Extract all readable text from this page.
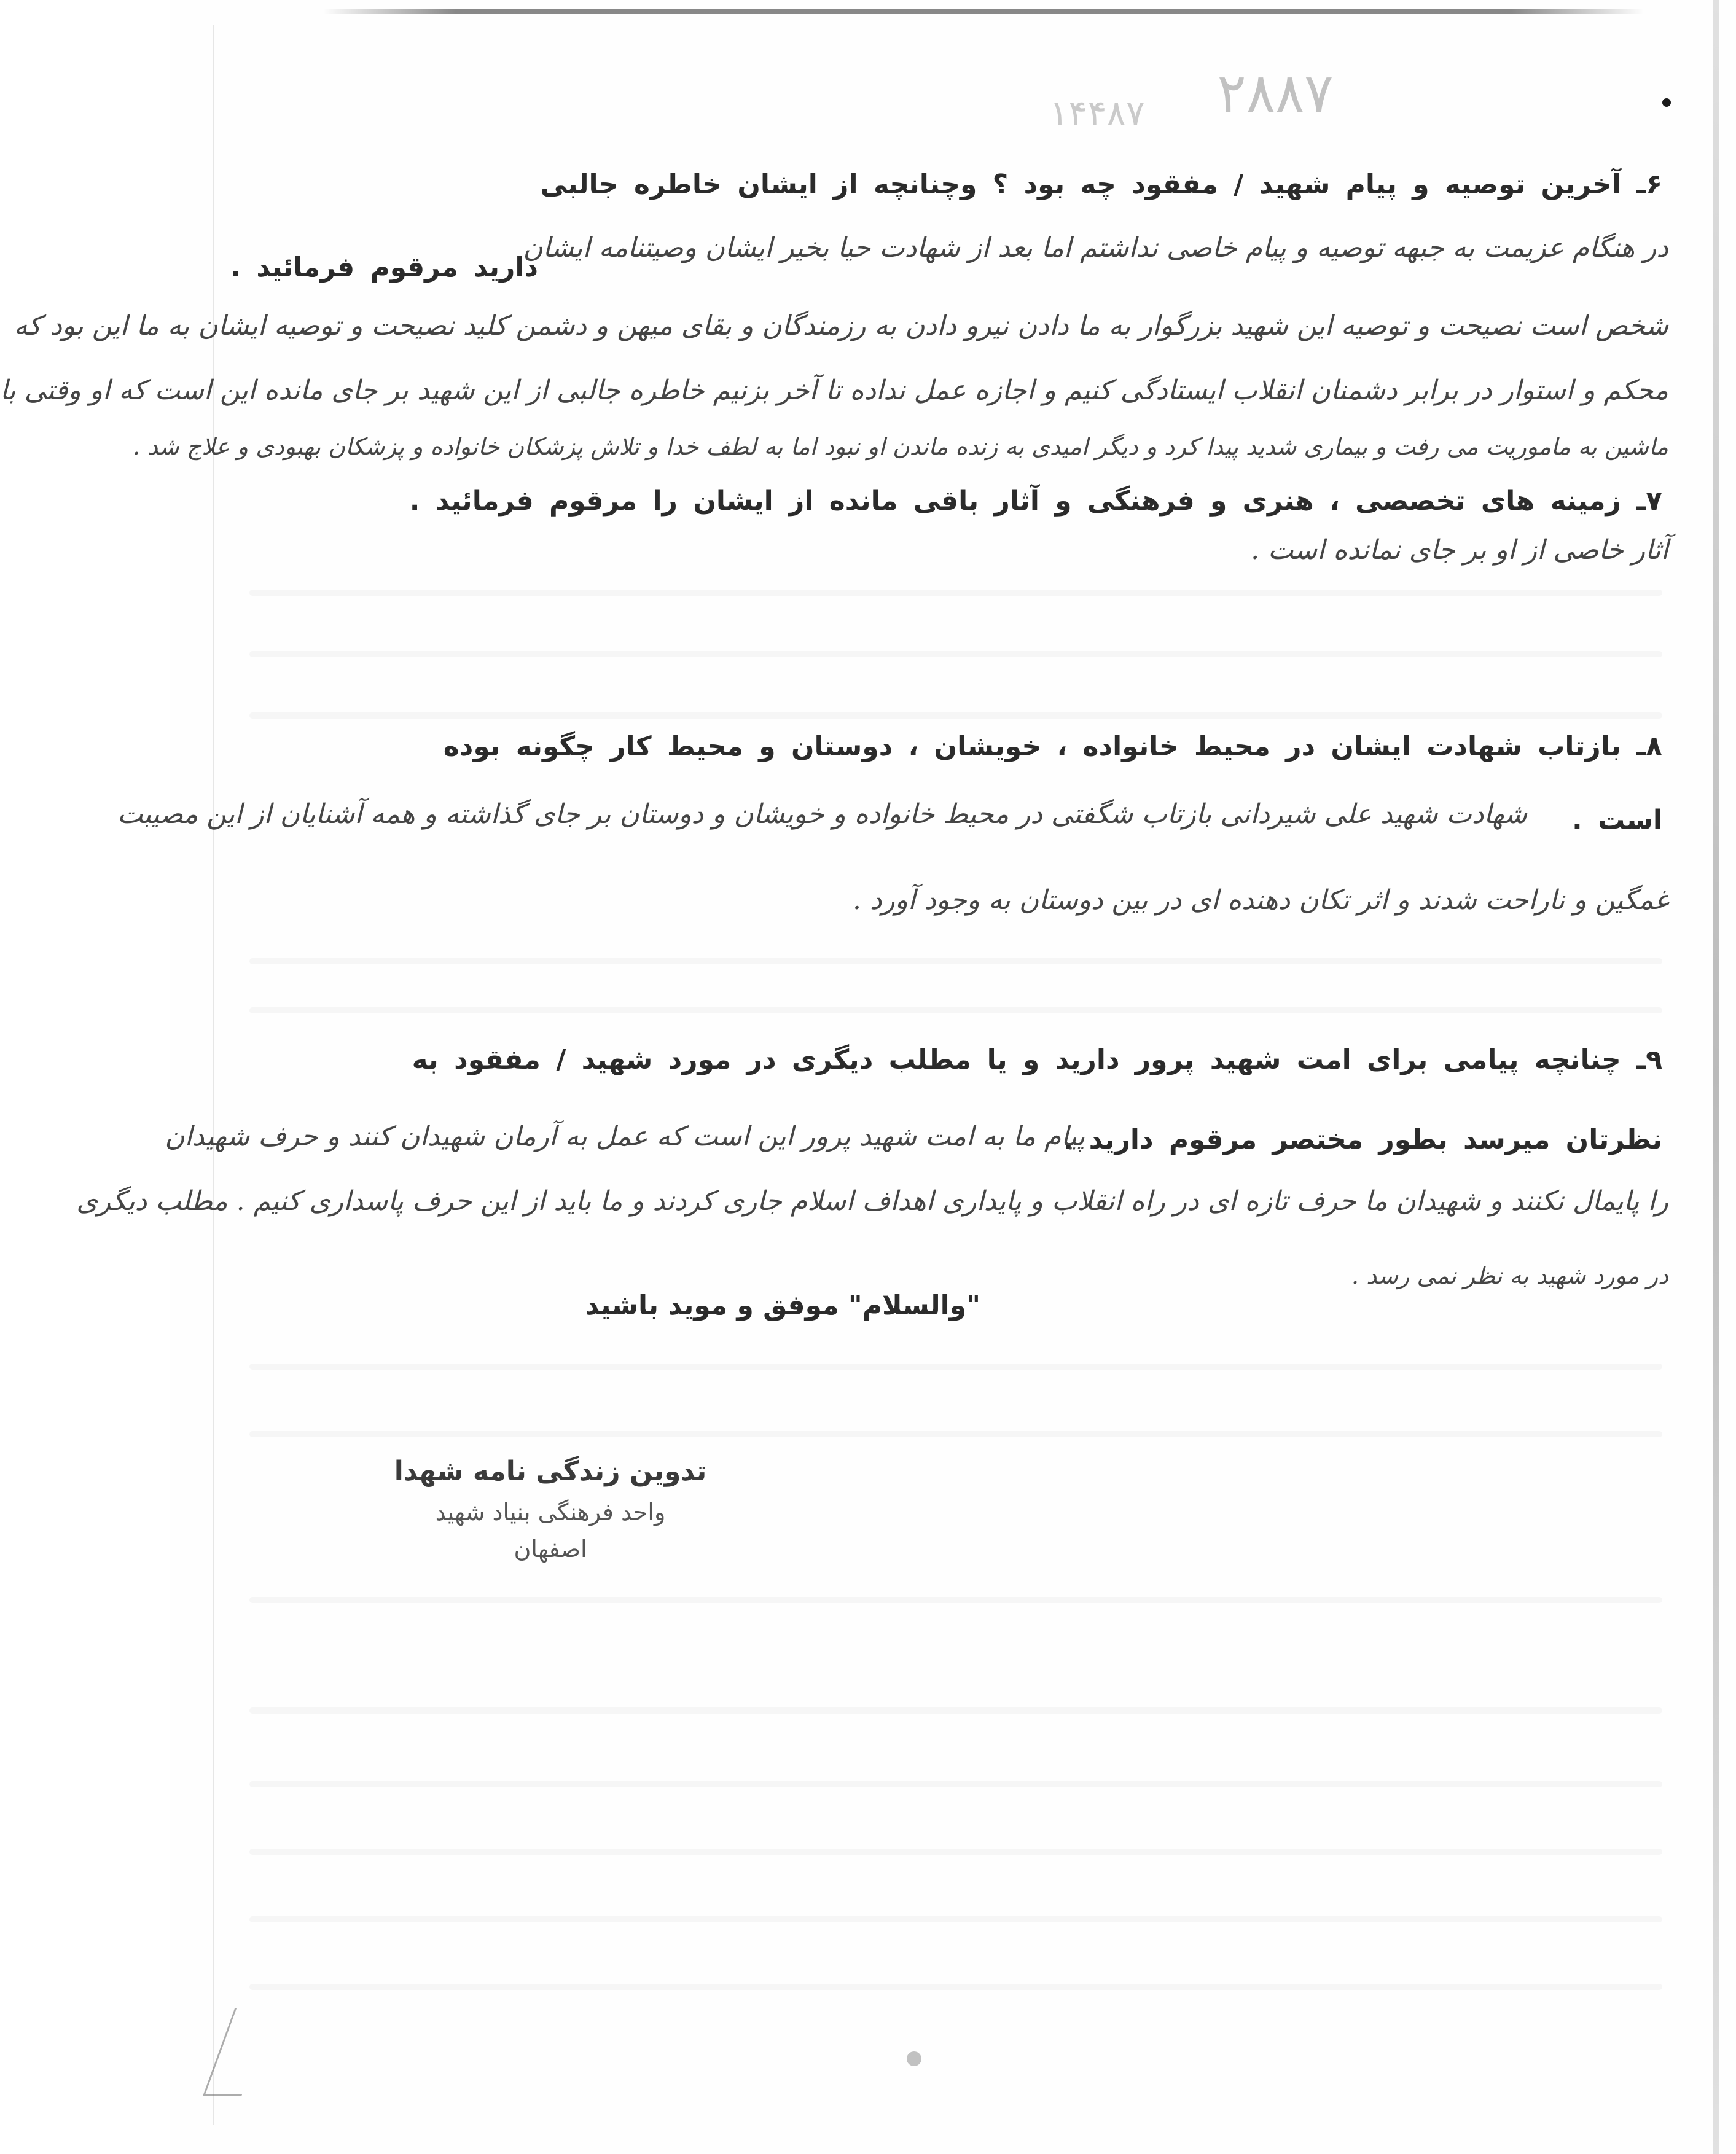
۲۸۸۷
۱۴۴۸۷
۶ـ آخرین توصیه و پیام شهید / مفقود چه بود ؟ وچنانچه از ایشان خاطره جالبی
در هنگام عزیمت به جبهه توصیه و پیام خاصی نداشتم اما بعد از شهادت حیا بخیر ایشان وصیتنامه ایشان
دارید مرقوم فرمائید .
شخص است نصیحت و توصیه این شهید بزرگوار به ما دادن نیرو دادن به رزمندگان و بقای میهن و دشمن کلید نصیحت و توصیه ایشان به ما این بود که
محکم و استوار در برابر دشمنان انقلاب ایستادگی کنیم و اجازه عمل نداده تا آخر بزنیم خاطره جالبی از این شهید بر جای مانده این است که او وقتی با
ماشین به ماموریت می رفت و بیماری شدید پیدا کرد و دیگر امیدی به زنده ماندن او نبود اما به لطف خدا و تلاش پزشکان خانواده و پزشکان بهبودی و علاج شد .
۷ـ زمینه های تخصصی ، هنری و فرهنگی و آثار باقی مانده از ایشان را مرقوم فرمائید .
آثار خاصی از او بر جای نمانده است .
۸ـ بازتاب شهادت ایشان در محیط خانواده ، خویشان ، دوستان و محیط کار چگونه بوده
است .
شهادت شهید علی شیردانی بازتاب شگفتی در محیط خانواده و خویشان و دوستان بر جای گذاشته و همه آشنایان از این مصیبت
غمگین و ناراحت شدند و اثر تکان دهنده ای در بین دوستان به وجود آورد .
۹ـ چنانچه پیامی برای امت شهید پرور دارید و یا مطلب دیگری در مورد شهید / مفقود به
نظرتان میرسد بطور مختصر مرقوم دارید .
پیام ما به امت شهید پرور این است که عمل به آرمان شهیدان کنند و حرف شهیدان
را پایمال نکنند و شهیدان ما حرف تازه ای در راه انقلاب و پایداری اهداف اسلام جاری کردند و ما باید از این حرف پاسداری کنیم . مطلب دیگری
در مورد شهید به نظر نمی رسد .
"والسلام" موفق و موید باشید
تدوین زندگی نامه شهدا
واحد فرهنگی بنیاد شهید
اصفهان
